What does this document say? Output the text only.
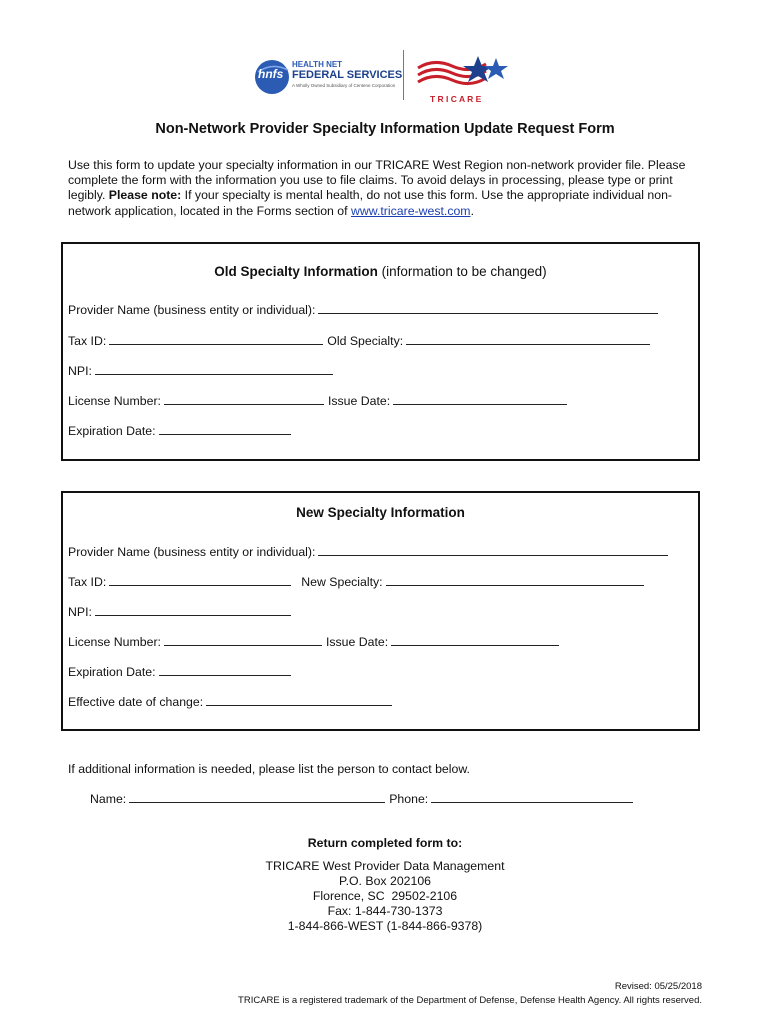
hnfs
HEALTH NET
FEDERAL SERVICES
A Wholly Owned Subsidiary of Centene Corporation
T R I C A R E
Non-Network Provider Specialty Information Update Request Form
Use this form to update your specialty information in our TRICARE West Region non-network provider file. Please complete the form with the information you use to file claims. To avoid delays in processing, please type or print legibly. Please note: If your specialty is mental health, do not use this form. Use the appropriate individual non-network application, located in the Forms section of www.tricare-west.com.
Old Specialty Information (information to be changed)
Provider Name (business entity or individual):
Tax ID:	Old Specialty:
NPI:
License Number:	Issue Date:
Expiration Date:
New Specialty Information
Provider Name (business entity or individual):
Tax ID:	New Specialty:
NPI:
License Number:	Issue Date:
Expiration Date:
Effective date of change:
If additional information is needed, please list the person to contact below.
Name:	Phone:
Return completed form to:
TRICARE West Provider Data Management
P.O. Box 202106
Florence, SC  29502-2106
Fax: 1-844-730-1373
1-844-866-WEST (1-844-866-9378)
Revised: 05/25/2018
TRICARE is a registered trademark of the Department of Defense, Defense Health Agency. All rights reserved.
